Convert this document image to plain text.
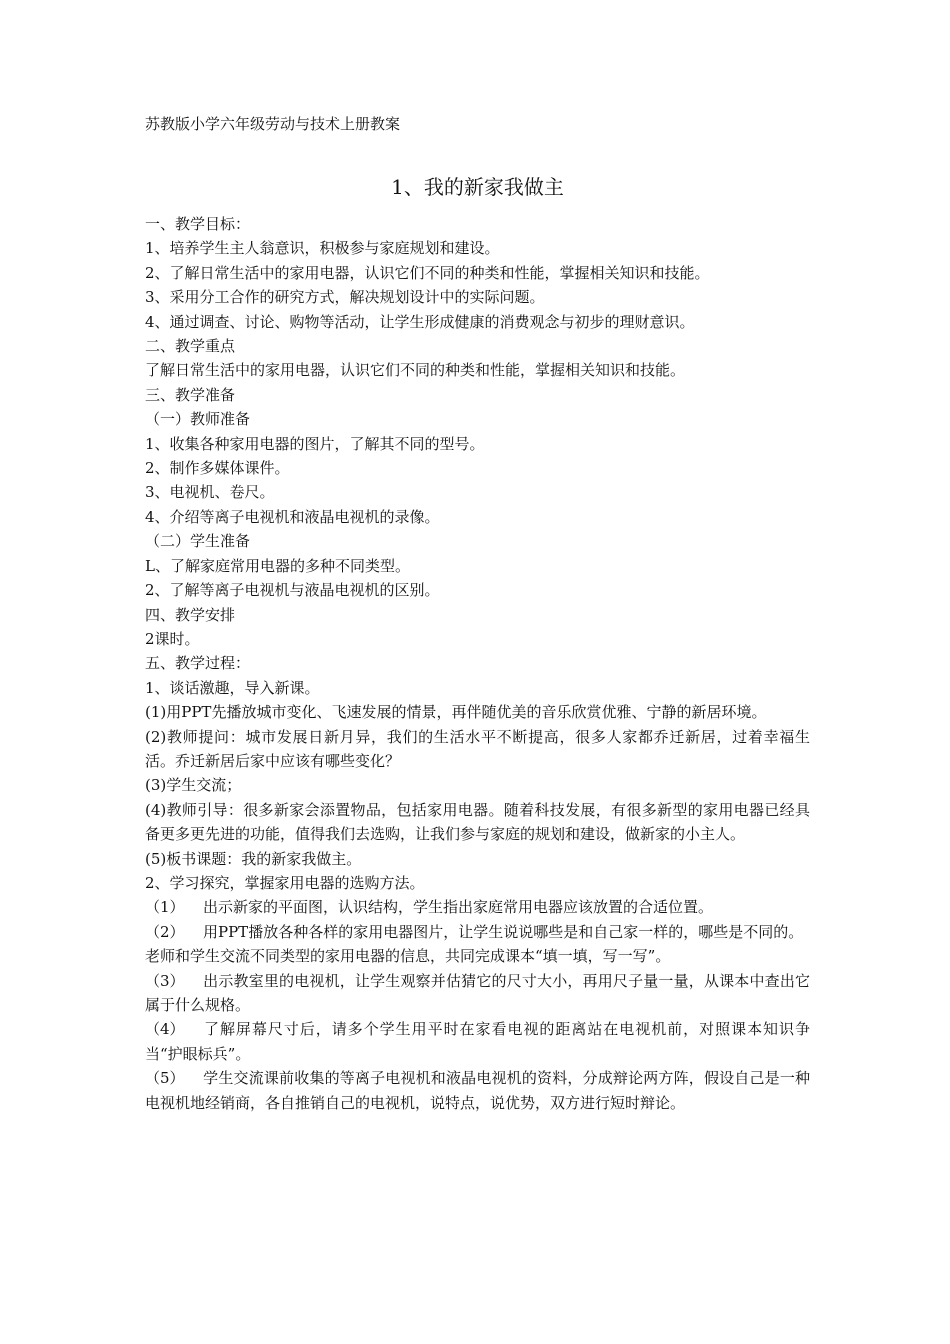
苏教版小学六年级劳动与技术上册教案

1、我的新家我做主

一、教学目标：

1、培养学生主人翁意识，积极参与家庭规划和建设。

2、了解日常生活中的家用电器，认识它们不同的种类和性能，掌握相关知识和技能。

3、采用分工合作的研究方式，解决规划设计中的实际问题。

4、通过调查、讨论、购物等活动，让学生形成健康的消费观念与初步的理财意识。

二、教学重点

了解日常生活中的家用电器，认识它们不同的种类和性能，掌握相关知识和技能。

三、教学准备

（一）教师准备

1、收集各种家用电器的图片，了解其不同的型号。

2、制作多媒体课件。

3、电视机、卷尺。

4、介绍等离子电视机和液晶电视机的录像。

（二）学生准备

L、了解家庭常用电器的多种不同类型。

2、了解等离子电视机与液晶电视机的区别。

四、教学安排

2课时。

五、教学过程：

1、谈话激趣，导入新课。

(1)用PPT先播放城市变化、飞速发展的情景，再伴随优美的音乐欣赏优雅、宁静的新居环境。

(2)教师提问：城市发展日新月异，我们的生活水平不断提高，很多人家都乔迁新居，过着幸福生活。乔迁新居后家中应该有哪些变化？

(3)学生交流；

(4)教师引导：很多新家会添置物品，包括家用电器。随着科技发展，有很多新型的家用电器已经具备更多更先进的功能，值得我们去选购，让我们参与家庭的规划和建设，做新家的小主人。

(5)板书课题：我的新家我做主。

2、学习探究，掌握家用电器的选购方法。

（1） 出示新家的平面图，认识结构，学生指出家庭常用电器应该放置的合适位置。

（2） 用PPT播放各种各样的家用电器图片，让学生说说哪些是和自己家一样的，哪些是不同的。

老师和学生交流不同类型的家用电器的信息，共同完成课本“填一填，写一写”。

（3） 出示教室里的电视机，让学生观察并估猜它的尺寸大小，再用尺子量一量，从课本中查出它属于什么规格。

（4） 了解屏幕尺寸后，请多个学生用平时在家看电视的距离站在电视机前，对照课本知识争当“护眼标兵”。

（5） 学生交流课前收集的等离子电视机和液晶电视机的资料，分成辩论两方阵，假设自己是一种电视机地经销商，各自推销自己的电视机，说特点，说优势，双方进行短时辩论。
